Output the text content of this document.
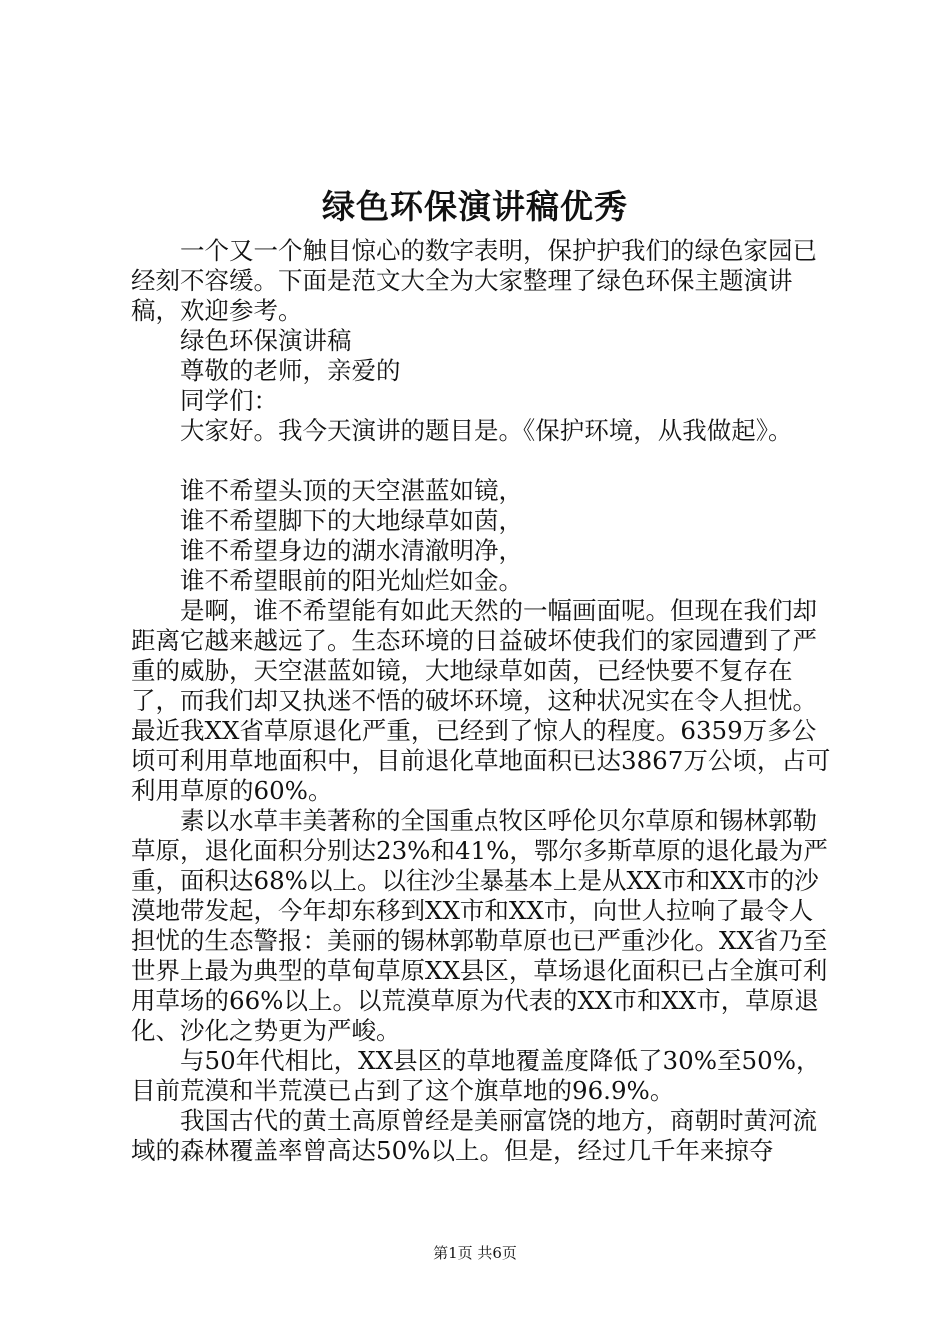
绿色环保演讲稿优秀

一个又一个触目惊心的数字表明，保护护我们的绿色家园已经刻不容缓。下面是范文大全为大家整理了绿色环保主题演讲稿，欢迎参考。

绿色环保演讲稿

尊敬的老师，亲爱的

同学们：

大家好。我今天演讲的题目是。《保护环境，从我做起》。

谁不希望头顶的天空湛蓝如镜，

谁不希望脚下的大地绿草如茵，

谁不希望身边的湖水清澈明净，

谁不希望眼前的阳光灿烂如金。

是啊，谁不希望能有如此天然的一幅画面呢。但现在我们却距离它越来越远了。生态环境的日益破坏使我们的家园遭到了严重的威胁，天空湛蓝如镜，大地绿草如茵，已经快要不复存在了，而我们却又执迷不悟的破坏环境，这种状况实在令人担忧。最近我XX省草原退化严重，已经到了惊人的程度。6359万多公顷可利用草地面积中，目前退化草地面积已达3867万公顷，占可利用草原的60%。

素以水草丰美著称的全国重点牧区呼伦贝尔草原和锡林郭勒草原，退化面积分别达23%和41%，鄂尔多斯草原的退化最为严重，面积达68%以上。以往沙尘暴基本上是从XX市和XX市的沙漠地带发起，今年却东移到XX市和XX市，向世人拉响了最令人担忧的生态警报：美丽的锡林郭勒草原也已严重沙化。XX省乃至世界上最为典型的草甸草原XX县区，草场退化面积已占全旗可利用草场的66%以上。以荒漠草原为代表的XX市和XX市，草原退化、沙化之势更为严峻。

与50年代相比，XX县区的草地覆盖度降低了30%至50%，目前荒漠和半荒漠已占到了这个旗草地的96.9%。

我国古代的黄土高原曾经是美丽富饶的地方，商朝时黄河流域的森林覆盖率曾高达50%以上。但是，经过几千年来掠夺

第1页 共6页
